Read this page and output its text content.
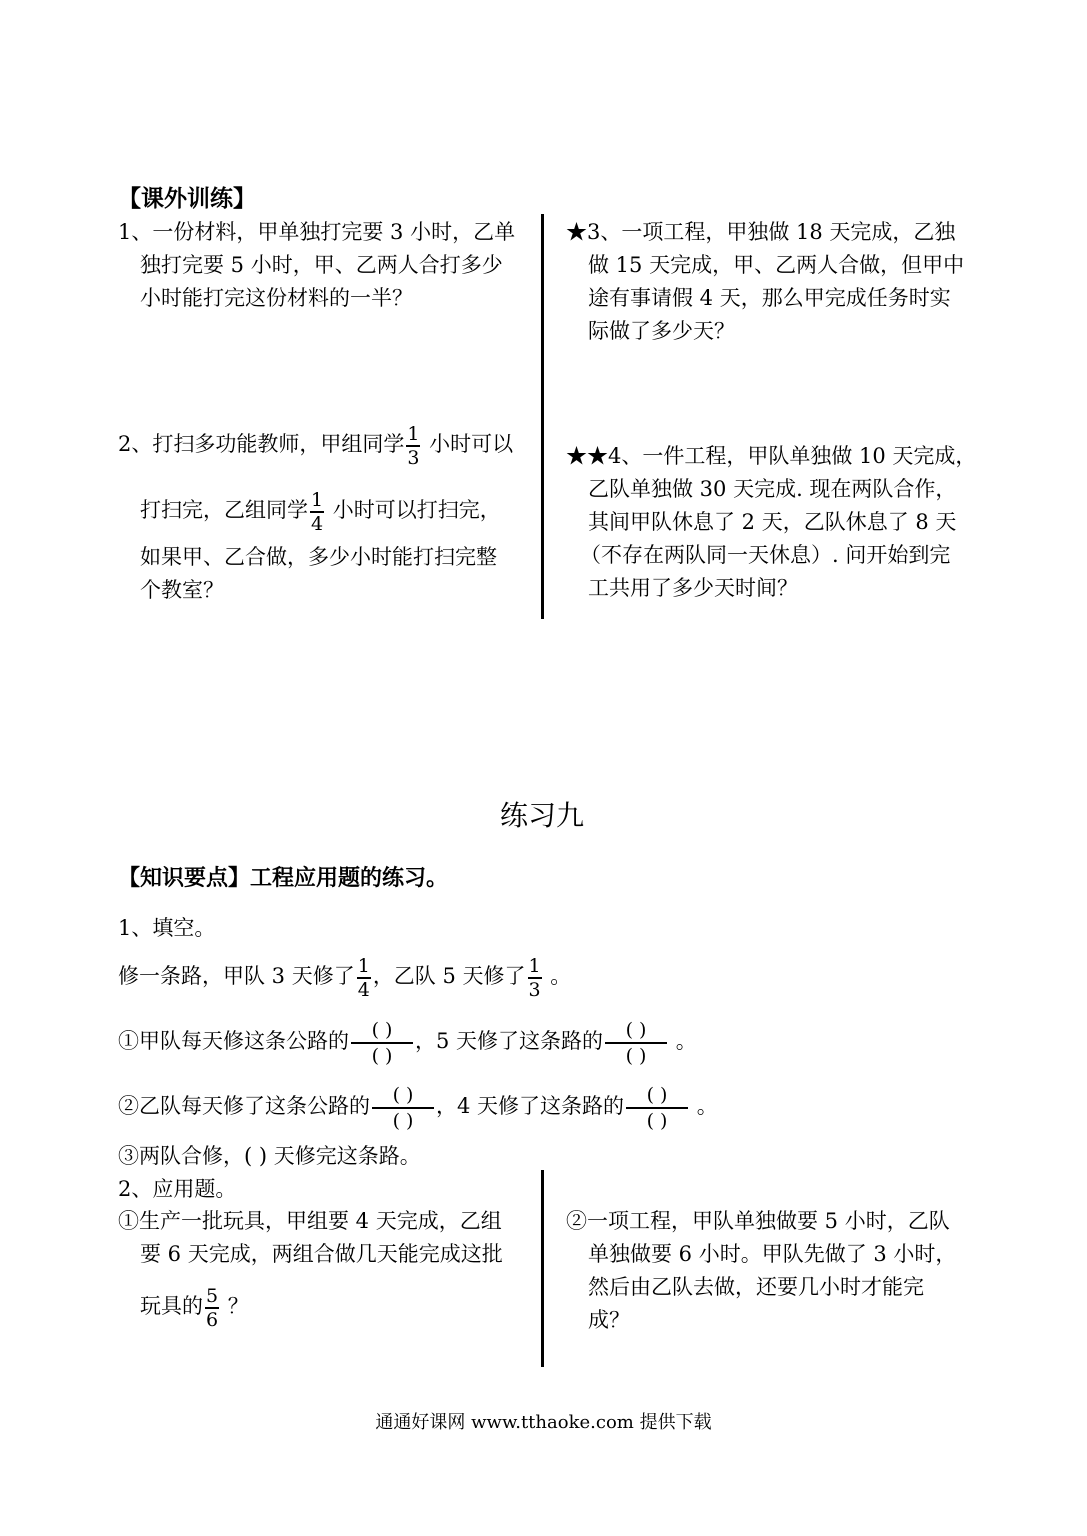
【课外训练】
1、一份材料，甲单独打完要 3 小时，乙单
独打完要 5 小时，甲、乙两人合打多少
小时能打完这份材料的一半？
2、打扫多功能教师，甲组同学 $\frac{1}{3}$ 小时可以
打扫完，乙组同学 $\frac{1}{4}$ 小时可以打扫完，
如果甲、乙合做，多少小时能打扫完整
个教室？
★3、一项工程，甲独做 18 天完成，乙独
做 15 天完成，甲、乙两人合做，但甲中
途有事请假 4 天，那么甲完成任务时实
际做了多少天？
★★4、一件工程，甲队单独做 10 天完成，
乙队单独做 30 天完成. 现在两队合作，
其间甲队休息了 2 天，乙队休息了 8 天
（不存在两队同一天休息）. 问开始到完
工共用了多少天时间？
练习九
【知识要点】工程应用题的练习。
1、填空。
修一条路，甲队 3 天修了 $\frac{1}{4}$ ，乙队 5 天修了 $\frac{1}{3}$ 。
①甲队每天修这条公路的 $\frac{( )}{( )}$，5 天修了这条路的 $\frac{( )}{( )}$ 。
②乙队每天修了这条公路的 $\frac{( )}{( )}$，4 天修了这条路的 $\frac{( )}{( )}$ 。
③两队合修，( ) 天修完这条路。
2、应用题。
①生产一批玩具，甲组要 4 天完成，乙组
要 6 天完成，两组合做几天能完成这批
玩具的 $\frac{5}{6}$ ？
②一项工程，甲队单独做要 5 小时，乙队
单独做要 6 小时。甲队先做了 3 小时，
然后由乙队去做，还要几小时才能完
成？
通通好课网 www.tthaoke.com 提供下载
